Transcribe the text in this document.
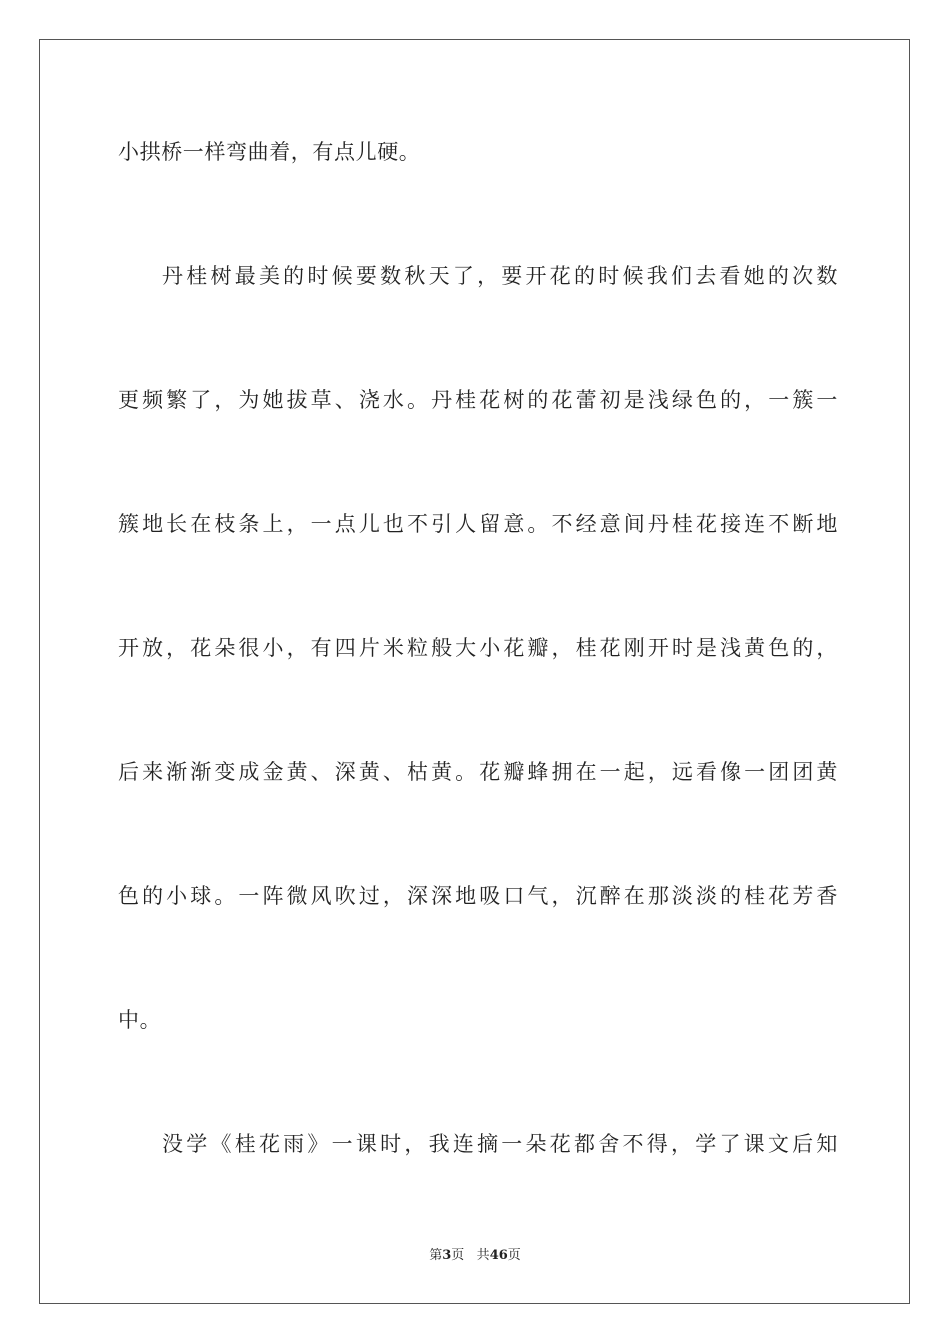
小拱桥一样弯曲着，有点儿硬。
丹桂树最美的时候要数秋天了，要开花的时候我们去看她的次数
更频繁了，为她拔草、浇水。丹桂花树的花蕾初是浅绿色的，一簇一
簇地长在枝条上，一点儿也不引人留意。不经意间丹桂花接连不断地
开放，花朵很小，有四片米粒般大小花瓣，桂花刚开时是浅黄色的，
后来渐渐变成金黄、深黄、枯黄。花瓣蜂拥在一起，远看像一团团黄
色的小球。一阵微风吹过，深深地吸口气，沉醉在那淡淡的桂花芳香
中。
没学《桂花雨》一课时，我连摘一朵花都舍不得，学了课文后知
第3页 共46页
